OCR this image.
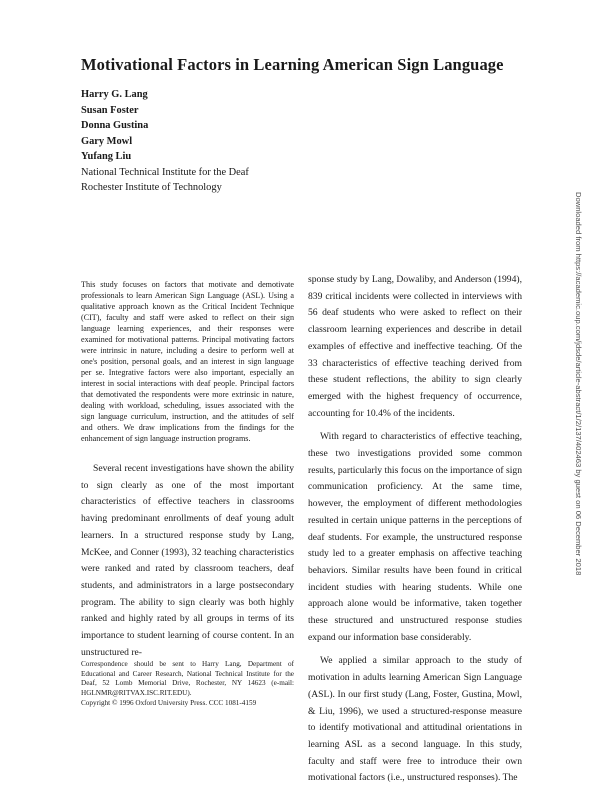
Motivational Factors in Learning American Sign Language
Harry G. Lang
Susan Foster
Donna Gustina
Gary Mowl
Yufang Liu
National Technical Institute for the Deaf
Rochester Institute of Technology
This study focuses on factors that motivate and demotivate professionals to learn American Sign Language (ASL). Using a qualitative approach known as the Critical Incident Technique (CIT), faculty and staff were asked to reflect on their sign language learning experiences, and their responses were examined for motivational patterns. Principal motivating factors were intrinsic in nature, including a desire to perform well at one's position, personal goals, and an interest in sign language per se. Integrative factors were also important, especially an interest in social interactions with deaf people. Principal factors that demotivated the respondents were more extrinsic in nature, dealing with workload, scheduling, issues associated with the sign language curriculum, instruction, and the attitudes of self and others. We draw implications from the findings for the enhancement of sign language instruction programs.

Several recent investigations have shown the ability to sign clearly as one of the most important characteristics of effective teachers in classrooms having predominant enrollments of deaf young adult learners. In a structured response study by Lang, McKee, and Conner (1993), 32 teaching characteristics were ranked and rated by classroom teachers, deaf students, and administrators in a large postsecondary program. The ability to sign clearly was both highly ranked and highly rated by all groups in terms of its importance to student learning of course content. In an unstructured re-

sponse study by Lang, Dowaliby, and Anderson (1994), 839 critical incidents were collected in interviews with 56 deaf students who were asked to reflect on their classroom learning experiences and describe in detail examples of effective and ineffective teaching. Of the 33 characteristics of effective teaching derived from these student reflections, the ability to sign clearly emerged with the highest frequency of occurrence, accounting for 10.4% of the incidents.

With regard to characteristics of effective teaching, these two investigations provided some common results, particularly this focus on the importance of sign communication proficiency. At the same time, however, the employment of different methodologies resulted in certain unique patterns in the perceptions of deaf students. For example, the unstructured response study led to a greater emphasis on affective teaching behaviors. Similar results have been found in critical incident studies with hearing students. While one approach alone would be informative, taken together these structured and unstructured response studies expand our information base considerably.

We applied a similar approach to the study of motivation in adults learning American Sign Language (ASL). In our first study (Lang, Foster, Gustina, Mowl, & Liu, 1996), we used a structured-response measure to identify motivational and attitudinal orientations in learning ASL as a second language. In this study, faculty and staff were free to introduce their own motivational factors (i.e., unstructured responses). The

Correspondence should be sent to Harry Lang, Department of Educational and Career Research, National Technical Institute for the Deaf, 52 Lomb Memorial Drive, Rochester, NY 14623 (e-mail: HGLNMR@RITVAX.ISC.RIT.EDU).
Copyright © 1996 Oxford University Press. CCC 1081-4159
Downloaded from https://academic.oup.com/jdsde/article-abstract/1/2/137/402463 by guest on 06 December 2018
